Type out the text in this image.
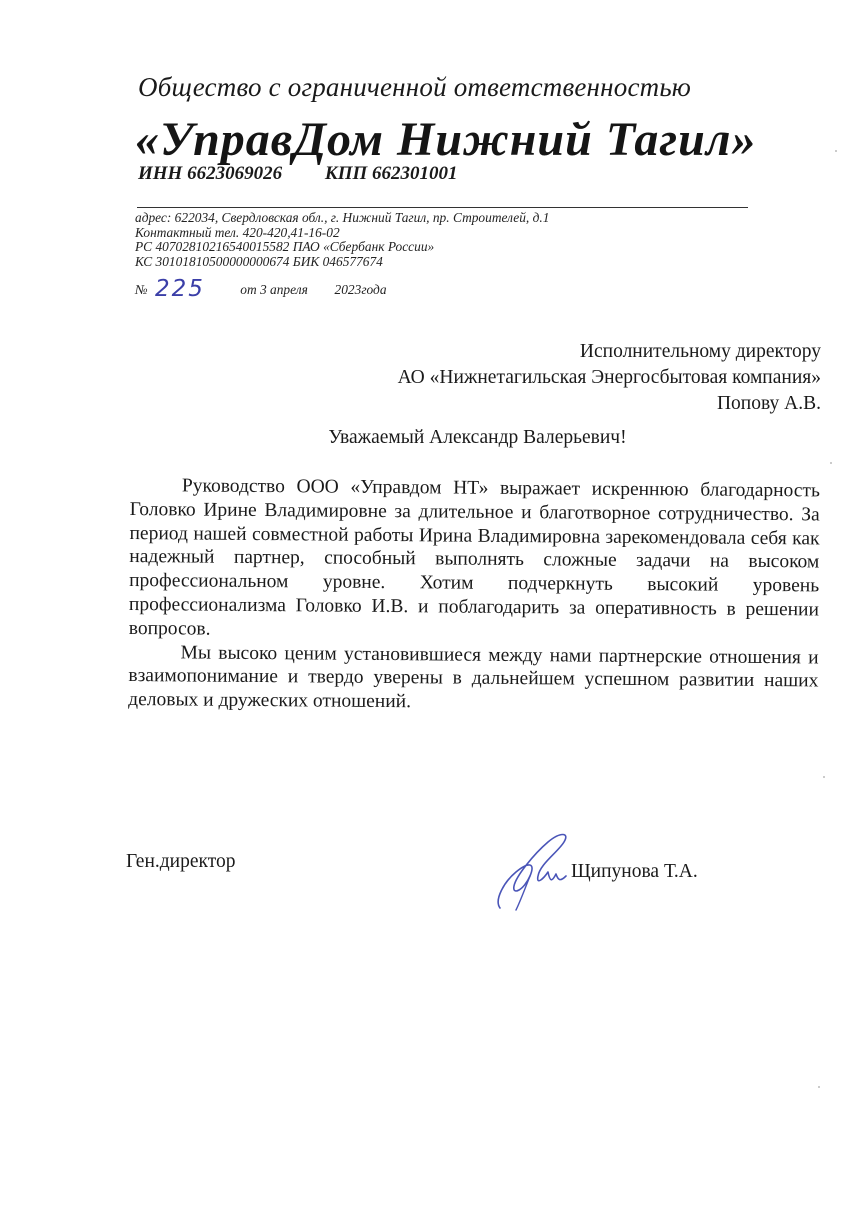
Общество с ограниченной ответственностью
«УправДом Нижний Тагил»
ИНН 6623069026 КПП 662301001
адрес: 622034, Свердловская обл., г. Нижний Тагил, пр. Строителей, д.1
Контактный тел. 420-420,41-16-02
РС 40702810216540015582 ПАО «Сбербанк России»
КС 30101810500000000674 БИК 046577674
№ 225	от 3 апреля 2023года
Исполнительному директору
АО «Нижнетагильская Энергосбытовая компания»
Попову А.В.
Уважаемый Александр Валерьевич!

Руководство ООО «Управдом НТ» выражает искреннюю благодарность Головко Ирине Владимировне за длительное и благотворное сотрудничество. За период нашей совместной работы Ирина Владимировна зарекомендовала себя как надежный партнер, способный выполнять сложные задачи на высоком профессиональном уровне. Хотим подчеркнуть высокий уровень профессионализма Головко И.В. и поблагодарить за оперативность в решении вопросов.

Мы высоко ценим установившиеся между нами партнерские отношения и взаимопонимание и твердо уверены в дальнейшем успешном развитии наших деловых и дружеских отношений.

Ген.директор	Щипунова Т.А.
